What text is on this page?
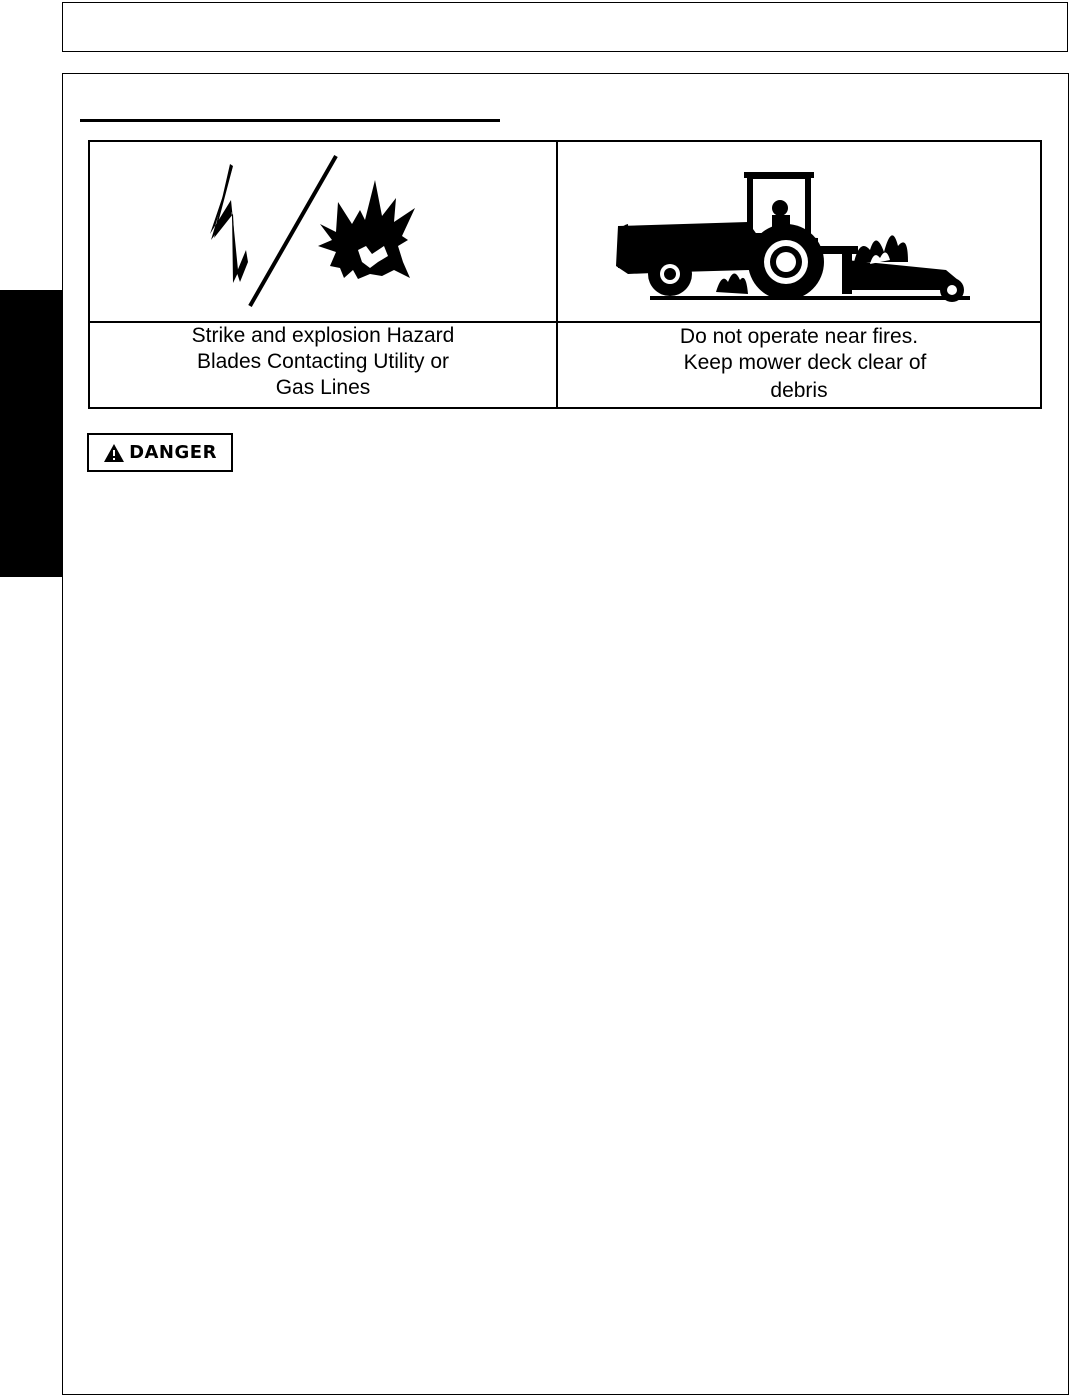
Strike and explosion Hazard
Blades Contacting Utility or
Gas Lines
Do not operate near fires.
Keep mower deck clear of
debris
DANGER
